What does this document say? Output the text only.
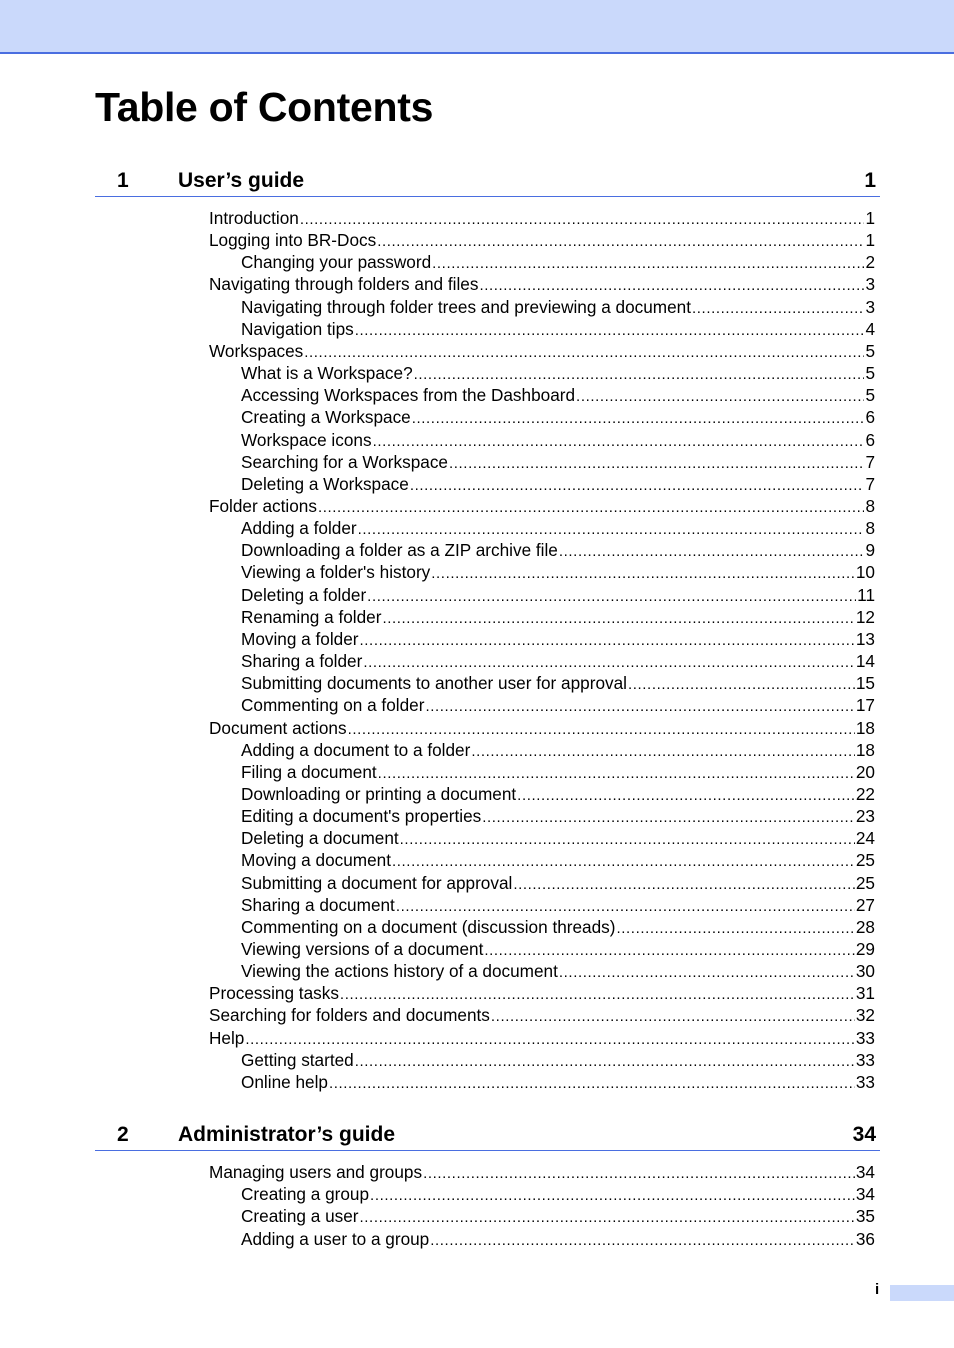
Table of Contents
1 User’s guide	1
Introduction .....	1
Logging into BR-Docs .....	1
Changing your password .....	2
Navigating through folders and files .....	3
Navigating through folder trees and previewing a document .....	3
Navigation tips .....	4
Workspaces .....	5
What is a Workspace? .....	5
Accessing Workspaces from the Dashboard .....	5
Creating a Workspace .....	6
Workspace icons .....	6
Searching for a Workspace .....	7
Deleting a Workspace .....	7
Folder actions .....	8
Adding a folder .....	8
Downloading a folder as a ZIP archive file .....	9
Viewing a folder's history .....	10
Deleting a folder .....	11
Renaming a folder .....	12
Moving a folder .....	13
Sharing a folder .....	14
Submitting documents to another user for approval .....	15
Commenting on a folder .....	17
Document actions .....	18
Adding a document to a folder .....	18
Filing a document .....	20
Downloading or printing a document .....	22
Editing a document's properties .....	23
Deleting a document .....	24
Moving a document .....	25
Submitting a document for approval .....	25
Sharing a document .....	27
Commenting on a document (discussion threads) .....	28
Viewing versions of a document .....	29
Viewing the actions history of a document .....	30
Processing tasks .....	31
Searching for folders and documents .....	32
Help .....	33
Getting started .....	33
Online help .....	33
2 Administrator’s guide	34
Managing users and groups .....	34
Creating a group .....	34
Creating a user .....	35
Adding a user to a group .....	36
i
